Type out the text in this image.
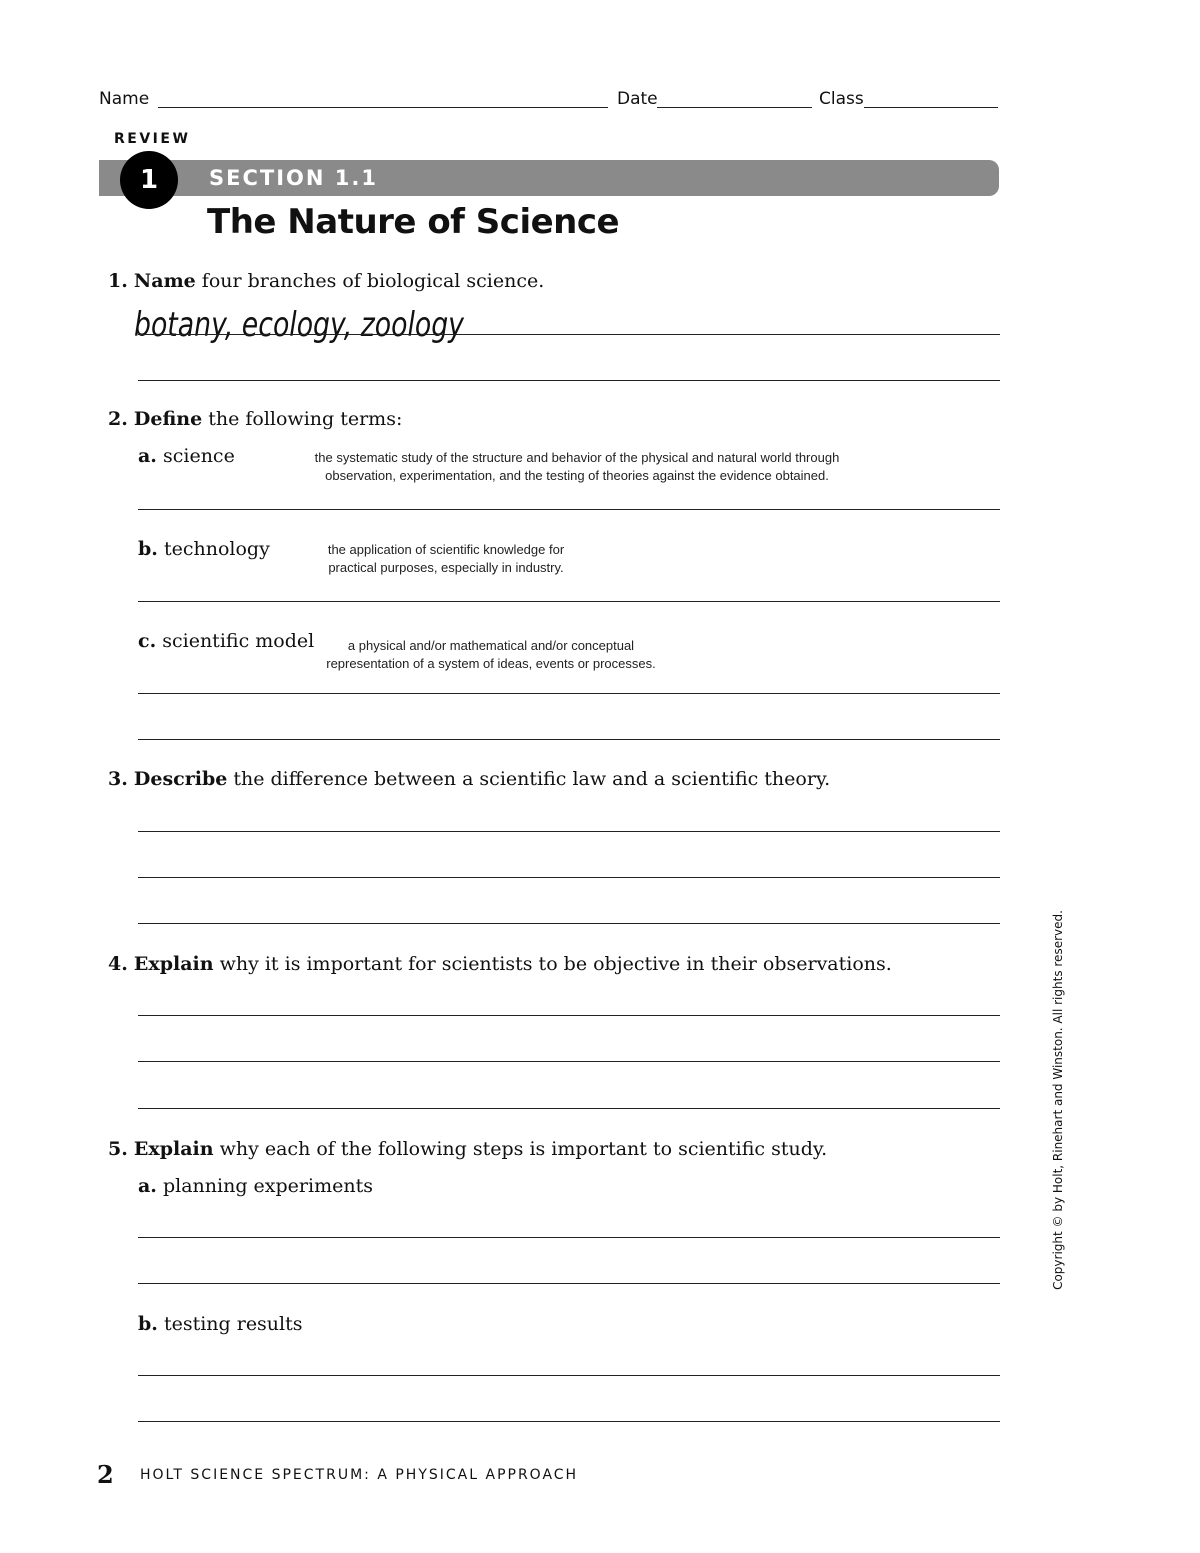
Name	Date	Class
REVIEW
1	SECTION 1.1
The Nature of Science
1. Name four branches of biological science.
botany, ecology, zoology
2. Define the following terms:
a. science	the systematic study of the structure and behavior of the physical and natural world through observation, experimentation, and the testing of theories against the evidence obtained.
b. technology	the application of scientific knowledge for practical purposes, especially in industry.
c. scientific model	a physical and/or mathematical and/or conceptual representation of a system of ideas, events or processes.
3. Describe the difference between a scientific law and a scientific theory.
4. Explain why it is important for scientists to be objective in their observations.
5. Explain why each of the following steps is important to scientific study.
a. planning experiments
b. testing results
Copyright © by Holt, Rinehart and Winston. All rights reserved.
2 HOLT SCIENCE SPECTRUM: A PHYSICAL APPROACH
